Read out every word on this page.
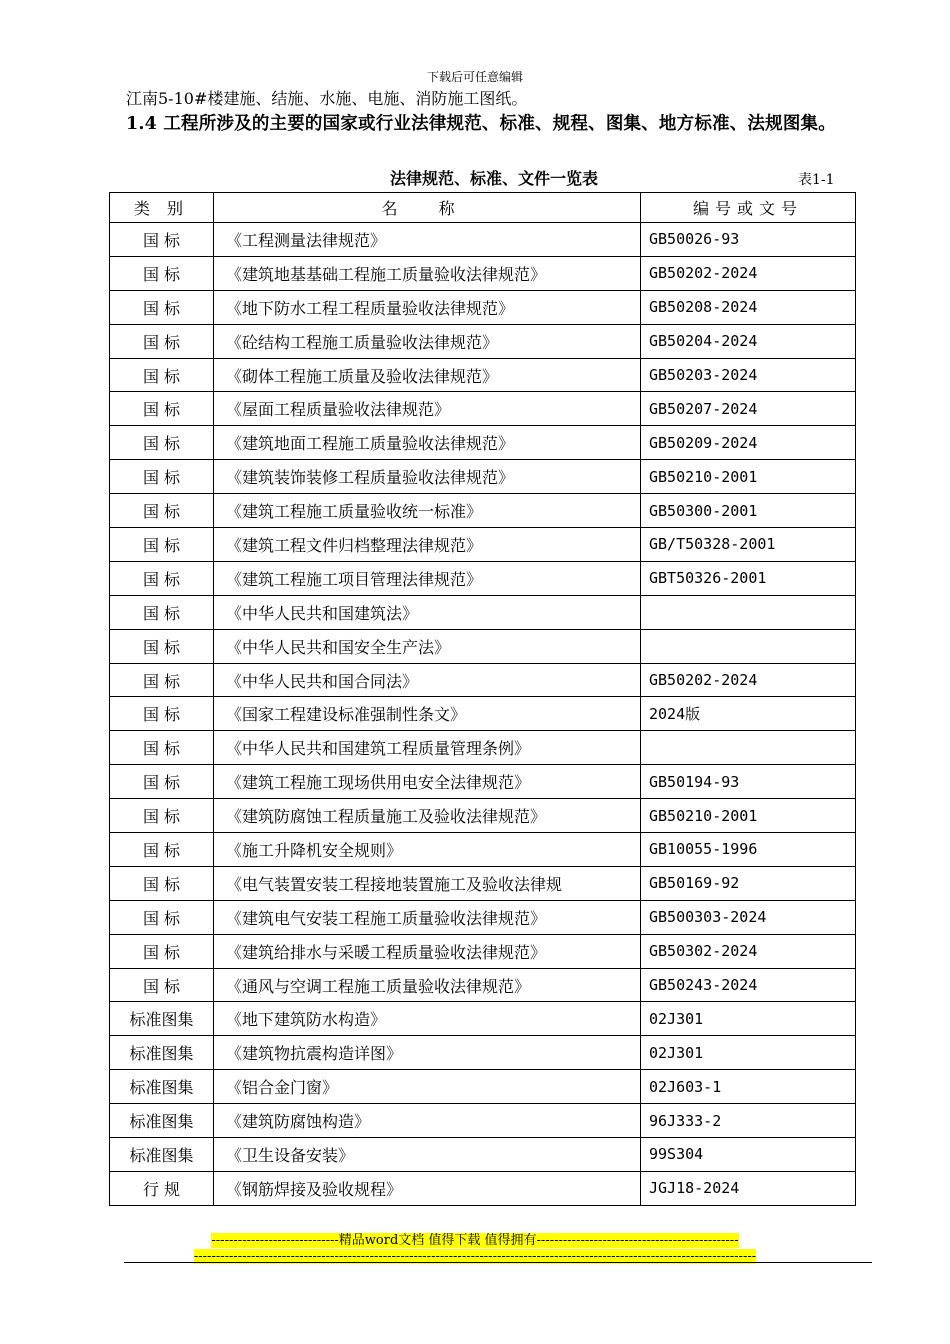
下载后可任意编辑
江南5-10#楼建施、结施、水施、电施、消防施工图纸。
1.4 工程所涉及的主要的国家或行业法律规范、标准、规程、图集、地方标准、法规图集。
法律规范、标准、文件一览表	表1-1
类 别	名 称	编号或文号
国 标	《工程测量法律规范》	GB50026-93
国 标	《建筑地基基础工程施工质量验收法律规范》	GB50202-2024
国 标	《地下防水工程工程质量验收法律规范》	GB50208-2024
国 标	《砼结构工程施工质量验收法律规范》	GB50204-2024
国 标	《砌体工程施工质量及验收法律规范》	GB50203-2024
国 标	《屋面工程质量验收法律规范》	GB50207-2024
国 标	《建筑地面工程施工质量验收法律规范》	GB50209-2024
国 标	《建筑装饰装修工程质量验收法律规范》	GB50210-2001
国 标	《建筑工程施工质量验收统一标准》	GB50300-2001
国 标	《建筑工程文件归档整理法律规范》	GB/T50328-2001
国 标	《建筑工程施工项目管理法律规范》	GBT50326-2001
国 标	《中华人民共和国建筑法》	
国 标	《中华人民共和国安全生产法》	
国 标	《中华人民共和国合同法》	GB50202-2024
国 标	《国家工程建设标准强制性条文》	2024版
国 标	《中华人民共和国建筑工程质量管理条例》	
国 标	《建筑工程施工现场供用电安全法律规范》	GB50194-93
国 标	《建筑防腐蚀工程质量施工及验收法律规范》	GB50210-2001
国 标	《施工升降机安全规则》	GB10055-1996
国 标	《电气装置安装工程接地装置施工及验收法律规	GB50169-92
国 标	《建筑电气安装工程施工质量验收法律规范》	GB500303-2024
国 标	《建筑给排水与采暖工程质量验收法律规范》	GB50302-2024
国 标	《通风与空调工程施工质量验收法律规范》	GB50243-2024
标准图集	《地下建筑防水构造》	02J301
标准图集	《建筑物抗震构造详图》	02J301
标准图集	《铝合金门窗》	02J603-1
标准图集	《建筑防腐蚀构造》	96J333-2
标准图集	《卫生设备安装》	99S304
行 规	《钢筋焊接及验收规程》	JGJ18-2024
-----------------------------精品word文档 值得下载 值得拥有----------------------------------------------
--------------------------------------------------------------------------------------------------------------------------------
